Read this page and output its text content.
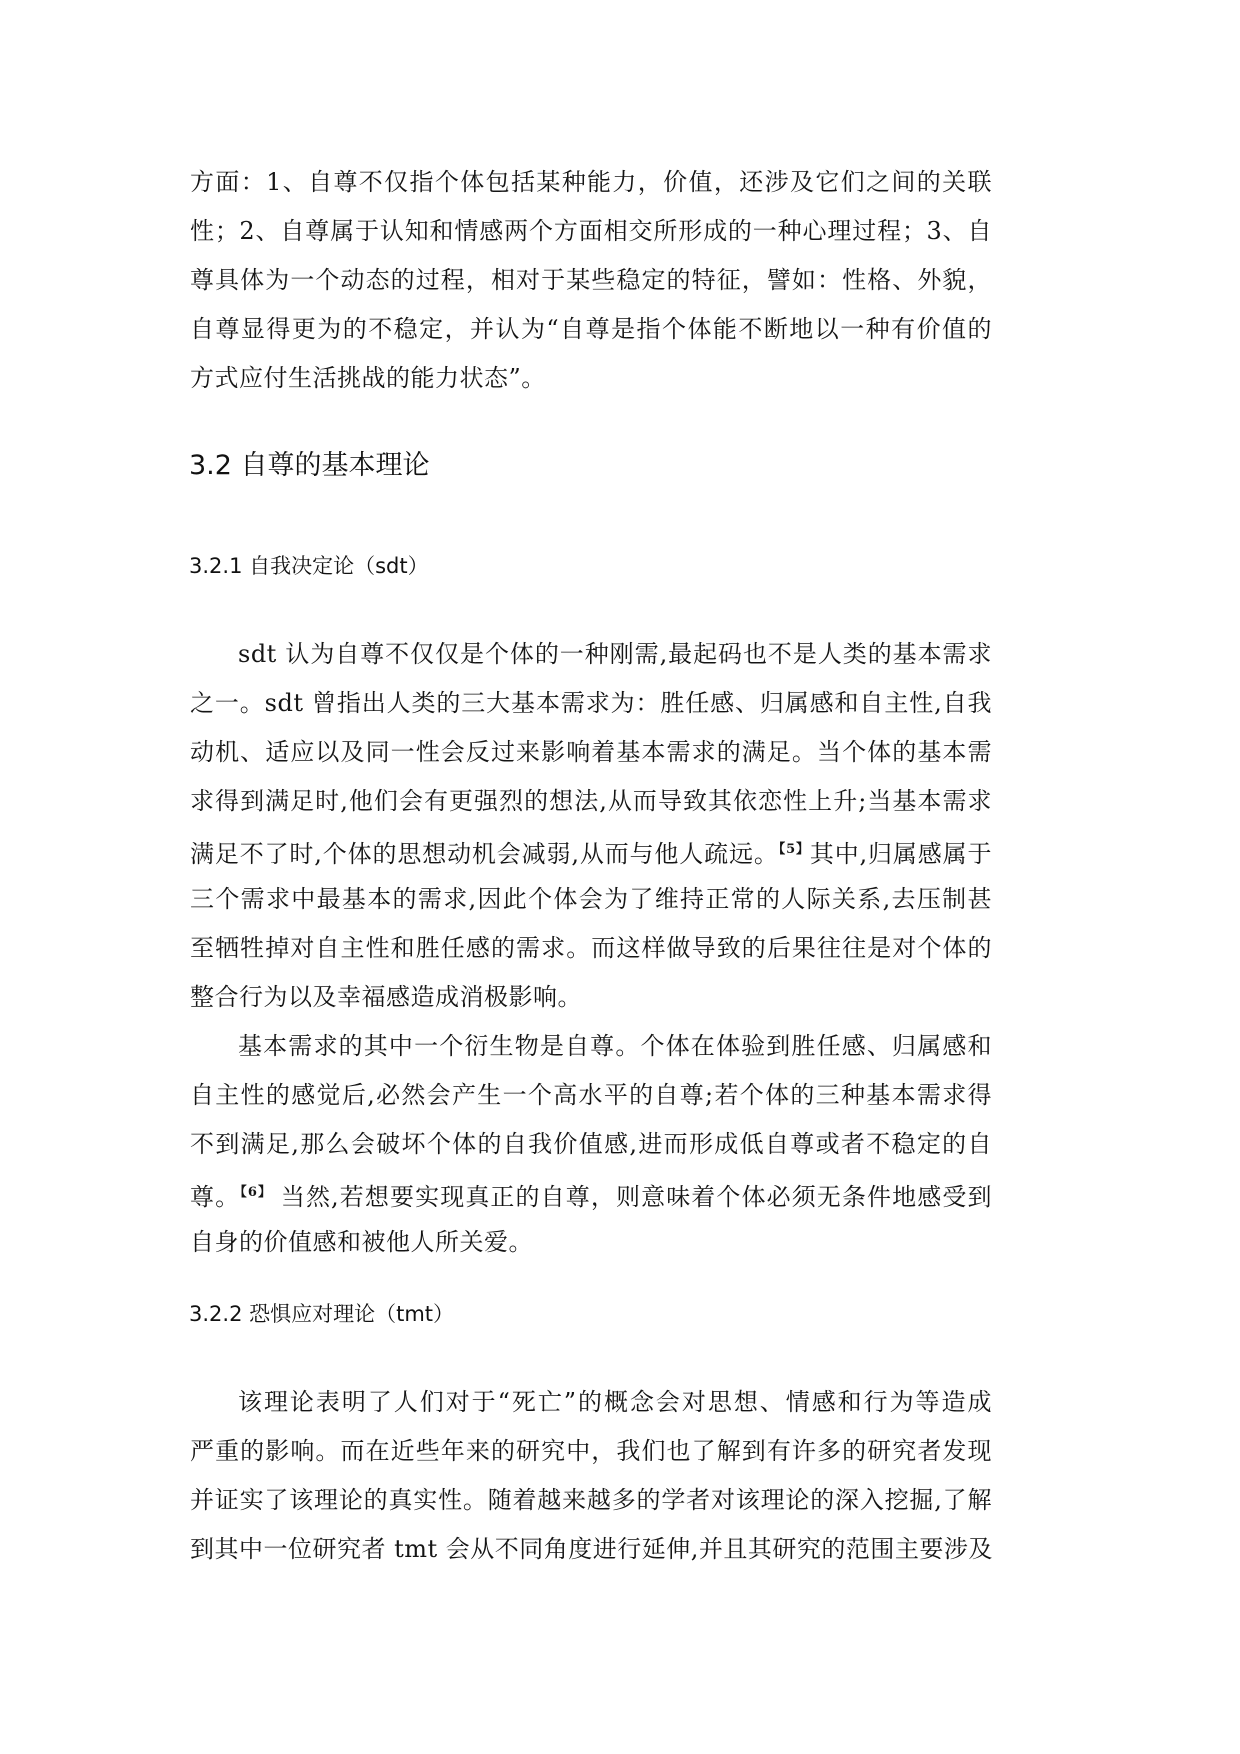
方面：1、自尊不仅指个体包括某种能力，价值，还涉及它们之间的关联
性；2、自尊属于认知和情感两个方面相交所形成的一种心理过程；3、自
尊具体为一个动态的过程，相对于某些稳定的特征，譬如：性格、外貌，
自尊显得更为的不稳定，并认为“自尊是指个体能不断地以一种有价值的
方式应付生活挑战的能力状态”。
3.2 自尊的基本理论
3.2.1 自我决定论（sdt）
sdt 认为自尊不仅仅是个体的一种刚需,最起码也不是人类的基本需求
之一。sdt 曾指出人类的三大基本需求为：胜任感、归属感和自主性,自我
动机、适应以及同一性会反过来影响着基本需求的满足。当个体的基本需
求得到满足时,他们会有更强烈的想法,从而导致其依恋性上升;当基本需求
满足不了时,个体的思想动机会减弱,从而与他人疏远。$^{【5】}$其中,归属感属于
三个需求中最基本的需求,因此个体会为了维持正常的人际关系,去压制甚
至牺牲掉对自主性和胜任感的需求。而这样做导致的后果往往是对个体的
整合行为以及幸福感造成消极影响。
基本需求的其中一个衍生物是自尊。个体在体验到胜任感、归属感和
自主性的感觉后,必然会产生一个高水平的自尊;若个体的三种基本需求得
不到满足,那么会破坏个体的自我价值感,进而形成低自尊或者不稳定的自
尊。$^{【6】}$ 当然,若想要实现真正的自尊，则意味着个体必须无条件地感受到
自身的价值感和被他人所关爱。
3.2.2 恐惧应对理论（tmt）
该理论表明了人们对于“死亡”的概念会对思想、情感和行为等造成
严重的影响。而在近些年来的研究中，我们也了解到有许多的研究者发现
并证实了该理论的真实性。随着越来越多的学者对该理论的深入挖掘,了解
到其中一位研究者 tmt 会从不同角度进行延伸,并且其研究的范围主要涉及
